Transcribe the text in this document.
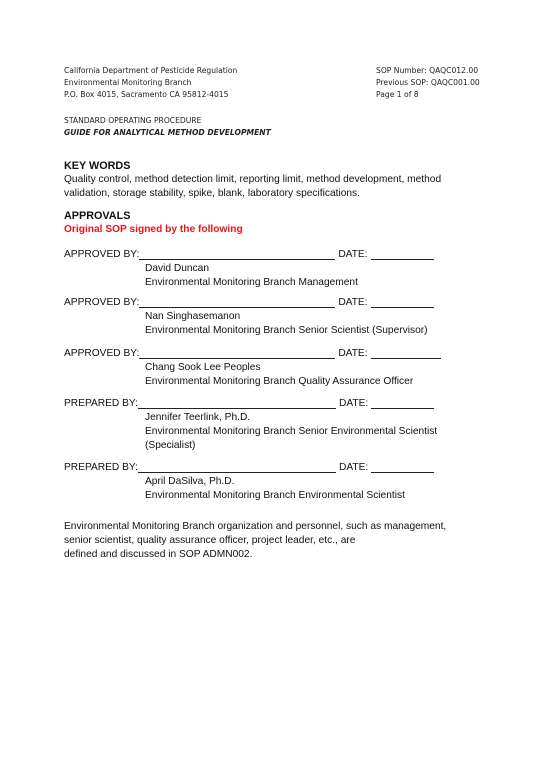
California Department of Pesticide Regulation	SOP Number: QAQC012.00
Environmental Monitoring Branch	Previous SOP: QAQC001.00
P.O. Box 4015, Sacramento CA 95812-4015	Page 1 of 8
STANDARD OPERATING PROCEDURE
GUIDE FOR ANALYTICAL METHOD DEVELOPMENT
KEY WORDS
Quality control, method detection limit, reporting limit, method development, method validation, storage stability, spike, blank, laboratory specifications.
APPROVALS
Original SOP signed by the following
APPROVED BY:	DATE:
David Duncan
Environmental Monitoring Branch Management
APPROVED BY:	DATE:
Nan Singhasemanon
Environmental Monitoring Branch Senior Scientist (Supervisor)
APPROVED BY:	DATE:
Chang Sook Lee Peoples
Environmental Monitoring Branch Quality Assurance Officer
PREPARED BY:	DATE:
Jennifer Teerlink, Ph.D.
Environmental Monitoring Branch Senior Environmental Scientist
(Specialist)
PREPARED BY:	DATE:
April DaSilva, Ph.D.
Environmental Monitoring Branch Environmental Scientist
Environmental Monitoring Branch organization and personnel, such as management,
senior scientist, quality assurance officer, project leader, etc., are
defined and discussed in SOP ADMN002.
